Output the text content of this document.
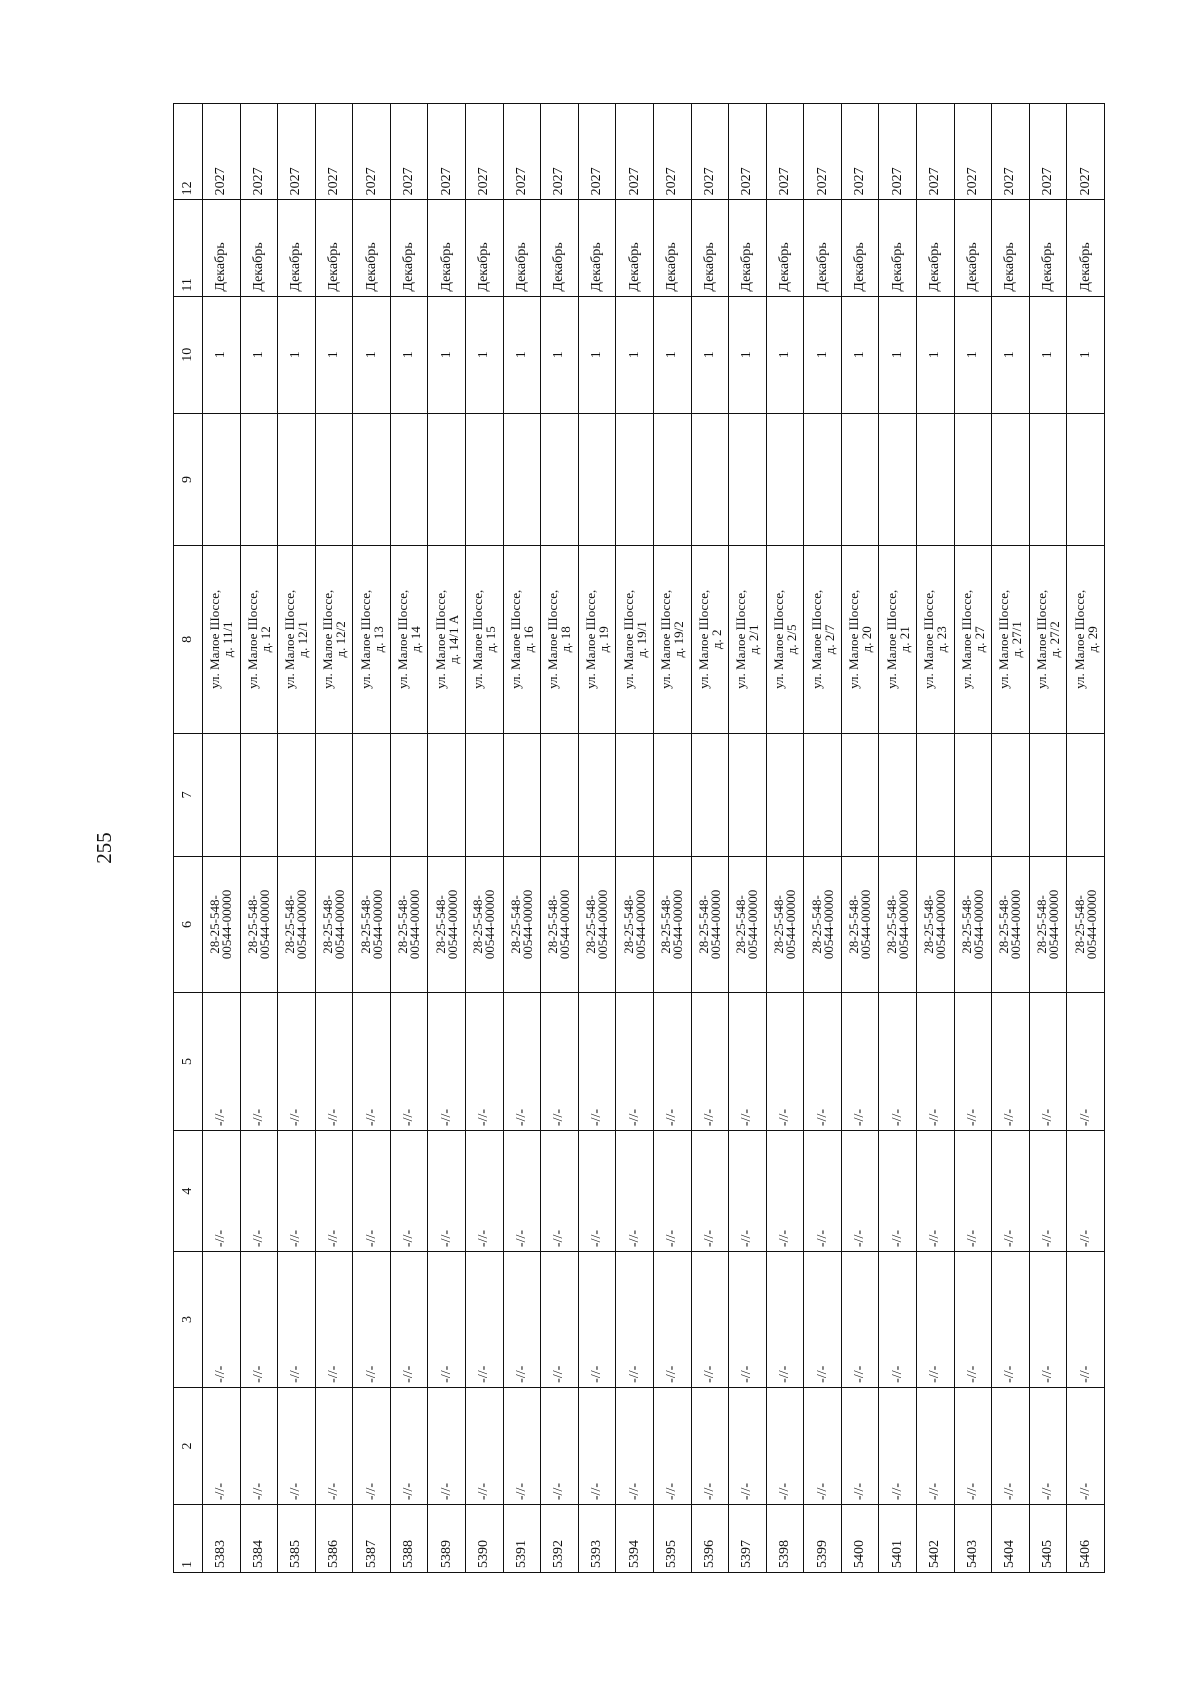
255
1	2	3	4	5	6	7	8	9	10	11	12
5383	-//-	-//-	-//-	-//-	28-25-548-
00544-00000		ул. Малое Шоссе,
д. 11/1		1	Декабрь	2027
5384	-//-	-//-	-//-	-//-	28-25-548-
00544-00000		ул. Малое Шоссе,
д. 12		1	Декабрь	2027
5385	-//-	-//-	-//-	-//-	28-25-548-
00544-00000		ул. Малое Шоссе,
д. 12/1		1	Декабрь	2027
5386	-//-	-//-	-//-	-//-	28-25-548-
00544-00000		ул. Малое Шоссе,
д. 12/2		1	Декабрь	2027
5387	-//-	-//-	-//-	-//-	28-25-548-
00544-00000		ул. Малое Шоссе,
д. 13		1	Декабрь	2027
5388	-//-	-//-	-//-	-//-	28-25-548-
00544-00000		ул. Малое Шоссе,
д. 14		1	Декабрь	2027
5389	-//-	-//-	-//-	-//-	28-25-548-
00544-00000		ул. Малое Шоссе,
д. 14/1 А		1	Декабрь	2027
5390	-//-	-//-	-//-	-//-	28-25-548-
00544-00000		ул. Малое Шоссе,
д. 15		1	Декабрь	2027
5391	-//-	-//-	-//-	-//-	28-25-548-
00544-00000		ул. Малое Шоссе,
д. 16		1	Декабрь	2027
5392	-//-	-//-	-//-	-//-	28-25-548-
00544-00000		ул. Малое Шоссе,
д. 18		1	Декабрь	2027
5393	-//-	-//-	-//-	-//-	28-25-548-
00544-00000		ул. Малое Шоссе,
д. 19		1	Декабрь	2027
5394	-//-	-//-	-//-	-//-	28-25-548-
00544-00000		ул. Малое Шоссе,
д. 19/1		1	Декабрь	2027
5395	-//-	-//-	-//-	-//-	28-25-548-
00544-00000		ул. Малое Шоссе,
д. 19/2		1	Декабрь	2027
5396	-//-	-//-	-//-	-//-	28-25-548-
00544-00000		ул. Малое Шоссе,
д. 2		1	Декабрь	2027
5397	-//-	-//-	-//-	-//-	28-25-548-
00544-00000		ул. Малое Шоссе,
д. 2/1		1	Декабрь	2027
5398	-//-	-//-	-//-	-//-	28-25-548-
00544-00000		ул. Малое Шоссе,
д. 2/5		1	Декабрь	2027
5399	-//-	-//-	-//-	-//-	28-25-548-
00544-00000		ул. Малое Шоссе,
д. 2/7		1	Декабрь	2027
5400	-//-	-//-	-//-	-//-	28-25-548-
00544-00000		ул. Малое Шоссе,
д. 20		1	Декабрь	2027
5401	-//-	-//-	-//-	-//-	28-25-548-
00544-00000		ул. Малое Шоссе,
д. 21		1	Декабрь	2027
5402	-//-	-//-	-//-	-//-	28-25-548-
00544-00000		ул. Малое Шоссе,
д. 23		1	Декабрь	2027
5403	-//-	-//-	-//-	-//-	28-25-548-
00544-00000		ул. Малое Шоссе,
д. 27		1	Декабрь	2027
5404	-//-	-//-	-//-	-//-	28-25-548-
00544-00000		ул. Малое Шоссе,
д. 27/1		1	Декабрь	2027
5405	-//-	-//-	-//-	-//-	28-25-548-
00544-00000		ул. Малое Шоссе,
д. 27/2		1	Декабрь	2027
5406	-//-	-//-	-//-	-//-	28-25-548-
00544-00000		ул. Малое Шоссе,
д. 29		1	Декабрь	2027
